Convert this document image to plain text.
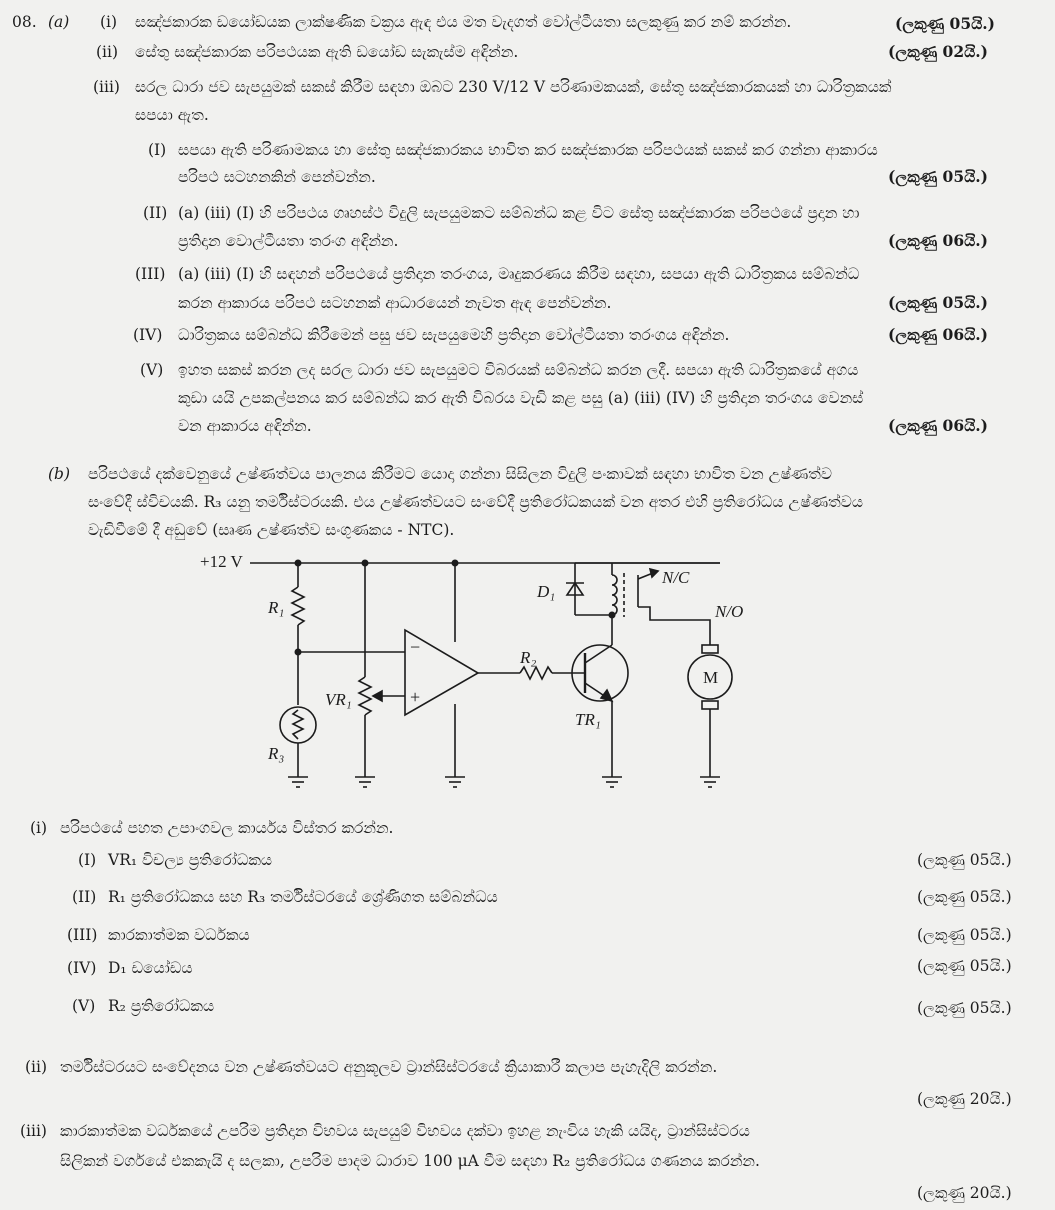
08. (a) (i) සඤ්ජකාරක ඩයෝඩයක ලාක්ෂණික වක්‍රය ඇඳ එය මත වැදගත් වෝල්ටීයතා සලකුණු කර නම් කරන්න.	(ලකුණු 05යි.)
(ii) සේතු සඤ්ජකාරක පරිපථයක ඇති ඩයෝඩ සැකැස්ම අඳින්න.	(ලකුණු 02යි.)
(iii) සරල ධාරා ජව සැපයුමක් සකස් කිරීම සඳහා ඔබට 230 V/12 V පරිණාමකයක්, සේතු සඤ්ජකාරකයක් හා ධාරිත්‍රකයක්
සපයා ඇත.
(I) සපයා ඇති පරිණාමකය හා සේතු සඤ්ජකාරකය භාවිත කර සඤ්ජකාරක පරිපථයක් සකස් කර ගන්නා ආකාරය
පරිපථ සටහනකින් පෙන්වන්න.	(ලකුණු 05යි.)
(II) (a) (iii) (I) හි පරිපථය ගෘහස්ථ විදුලි සැපයුමකට සම්බන්ධ කළ විට සේතු සඤ්ජකාරක පරිපථයේ ප්‍රදාන හා
ප්‍රතිදාන වොල්ටීයතා තරංග අඳින්න.	(ලකුණු 06යි.)
(III) (a) (iii) (I) හි සඳහන් පරිපථයේ ප්‍රතිදාන තරංගය, මෘදුකරණය කිරීම සඳහා, සපයා ඇති ධාරිත්‍රකය සම්බන්ධ
කරන ආකාරය පරිපථ සටහනක් ආධාරයෙන් නැවත ඇඳ පෙන්වන්න.	(ලකුණු 05යි.)
(IV) ධාරිත්‍රකය සම්බන්ධ කිරීමෙන් පසු ජව සැපයුමෙහි ප්‍රතිදාන වෝල්ටීයතා තරංගය අඳින්න.	(ලකුණු 06යි.)
(V) ඉහත සකස් කරන ලද සරල ධාරා ජව සැපයුමට විබරයක් සම්බන්ධ කරන ලදී. සපයා ඇති ධාරිත්‍රකයේ අගය
කුඩා යයි උපකල්පනය කර සම්බන්ධ කර ඇති විබරය වැඩි කළ පසු (a) (iii) (IV) හි ප්‍රතිදාන තරංගය වෙනස්
වන ආකාරය අඳින්න.	(ලකුණු 06යි.)
(b) පරිපථයේ දක්වෙනුයේ උෂ්ණත්වය පාලනය කිරීමට යොදා ගන්නා සිසිලන විදුලි පංකාවක් සඳහා භාවිත වන උෂ්ණත්ව
සංවේදී ස්විචයකි. R₃ යනු තර්මිස්ටරයකි. එය උෂ්ණත්වයට සංවේදී ප්‍රතිරෝධකයක් වන අතර එහි ප්‍රතිරෝධය උෂ්ණත්වය
වැඩිවීමේ දී අඩුවේ (සෘණ උෂ්ණත්ව සංගුණකය - NTC).
+12 V
R₁
R₃
VR₁
R₂
D₁
TR₁
N/C
N/O
M
−
+
(i) පරිපථයේ පහත උපාංගවල කාර්යය විස්තර කරන්න.
(I) VR₁ විචල්‍ය ප්‍රතිරෝධකය	(ලකුණු 05යි.)
(II) R₁ ප්‍රතිරෝධකය සහ R₃ තර්මිස්ටරයේ ශ්‍රේණිගත සම්බන්ධය	(ලකුණු 05යි.)
(III) කාරකාත්මක වර්ධකය	(ලකුණු 05යි.)
(IV) D₁ ඩයෝඩය	(ලකුණු 05යි.)
(V) R₂ ප්‍රතිරෝධකය	(ලකුණු 05යි.)
(ii) තර්මිස්ටරයට සංවේදනය වන උෂ්ණත්වයට අනුකූලව ට්‍රාන්සිස්ටරයේ ක්‍රියාකාරී කලාප පැහැදිලි කරන්න.
(ලකුණු 20යි.)
(iii) කාරකාත්මක වර්ධකයේ උපරිම ප්‍රතිදාන විභවය සැපයුම් විභවය දක්වා ඉහළ නැංවිය හැකි යයිද, ට්‍රාන්සිස්ටරය
සිලිකන් වර්ගයේ එකකැයි ද සලකා, උපරිම පාදම ධාරාව 100 μA වීම සඳහා R₂ ප්‍රතිරෝධය ගණනය කරන්න.
(ලකුණු 20යි.)
